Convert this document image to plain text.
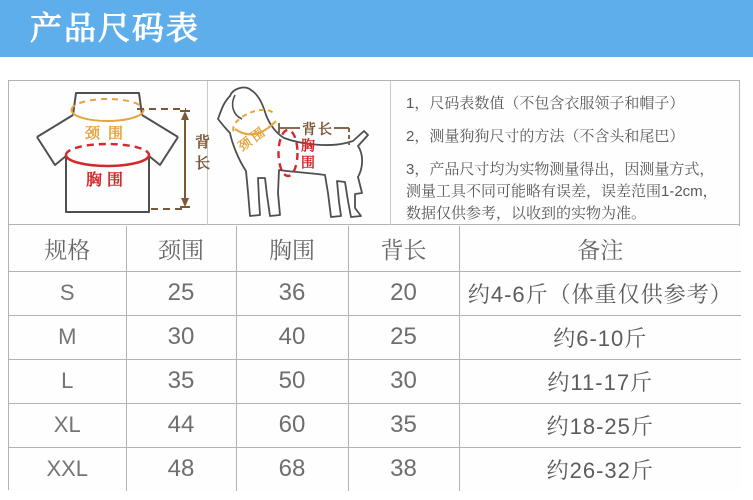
产品尺码表
颈围
胸围
背长 颈围 胸围
背长

1，尺码表数值（不包含衣服领子和帽子）

2，测量狗狗尺寸的方法（不含头和尾巴）

3，产品尺寸均为实物测量得出，因测量方式，测量工具不同可能略有误差，误差范围1-2cm，数据仅供参考，以收到的实物为准。

规格	颈围	胸围	背长	备注
S	25	36	20	约4-6斤（体重仅供参考）
M	30	40	25	约6-10斤
L	35	50	30	约11-17斤
XL	44	60	35	约18-25斤
XXL	48	68	38	约26-32斤
